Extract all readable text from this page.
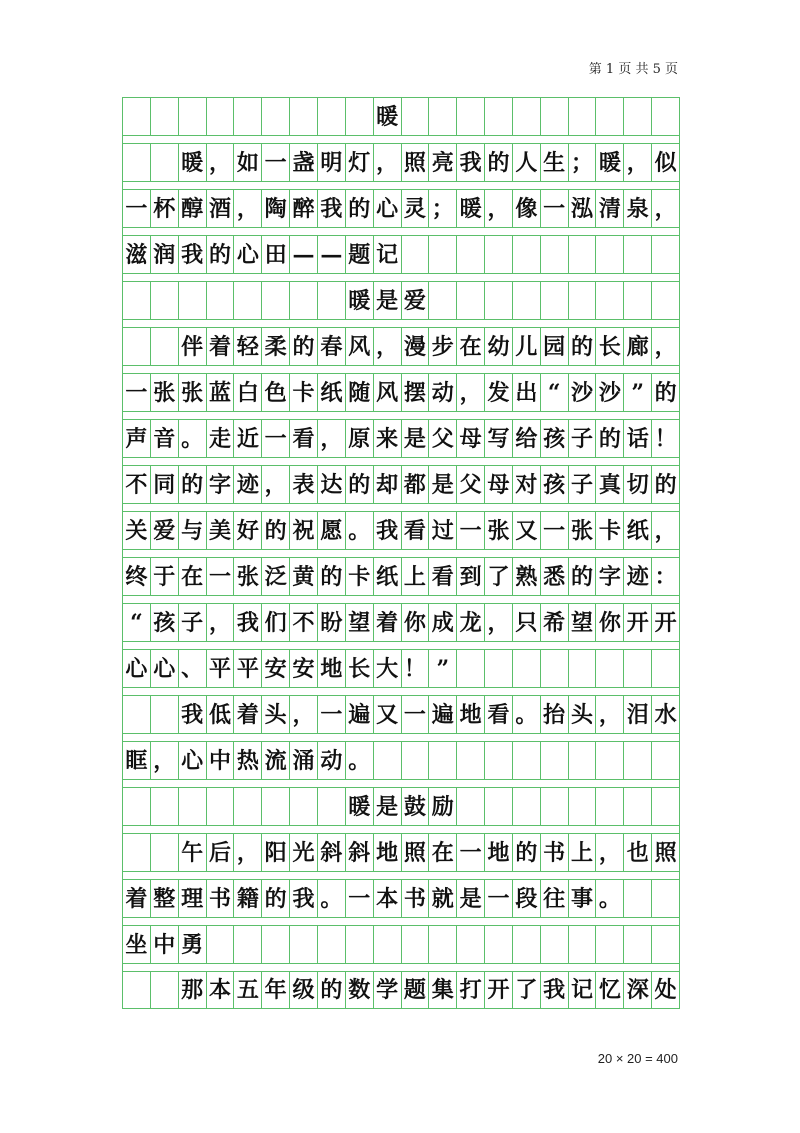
第 1 页 共 5 页
暖
暖 ， 如 一 盏 明 灯 ， 照 亮 我 的 人 生 ； 暖 ， 似
一 杯 醇 酒 ， 陶 醉 我 的 心 灵 ； 暖 ， 像 一 泓 清 泉 ，
滋 润 我 的 心 田 — — 题 记
暖 是 爱
伴 着 轻 柔 的 春 风 ， 漫 步 在 幼 儿 园 的 长 廊 ，
一 张 张 蓝 白 色 卡 纸 随 风 摆 动 ， 发 出 “ 沙 沙 ” 的
声 音 。 走 近 一 看 ， 原 来 是 父 母 写 给 孩 子 的 话 ！
不 同 的 字 迹 ， 表 达 的 却 都 是 父 母 对 孩 子 真 切 的
关 爱 与 美 好 的 祝 愿 。 我 看 过 一 张 又 一 张 卡 纸 ，
终 于 在 一 张 泛 黄 的 卡 纸 上 看 到 了 熟 悉 的 字 迹 ：
“ 孩 子 ， 我 们 不 盼 望 着 你 成 龙 ， 只 希 望 你 开 开
心 心 、 平 平 安 安 地 长 大 ！ ”
我 低 着 头 ， 一 遍 又 一 遍 地 看 。 抬 头 ， 泪 水
眶 ， 心 中 热 流 涌 动 。
暖 是 鼓 励
午 后 ， 阳 光 斜 斜 地 照 在 一 地 的 书 上 ， 也 照
着 整 理 书 籍 的 我 。 一 本 书 就 是 一 段 往 事 。
坐 中 勇
那 本 五 年 级 的 数 学 题 集 打 开 了 我 记 忆 深 处
20 × 20 = 400
